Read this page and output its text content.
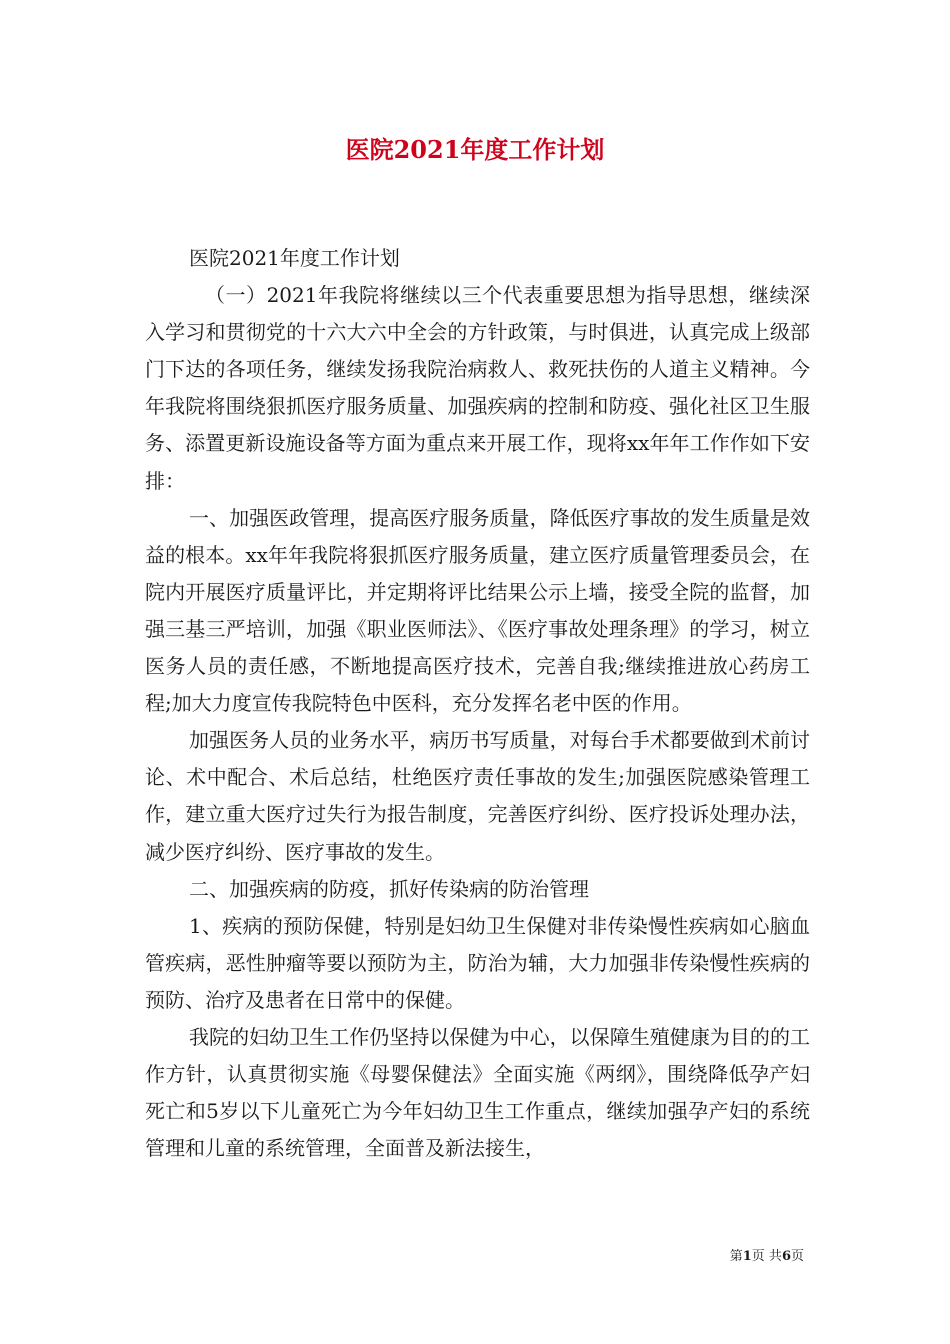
医院2021年度工作计划

医院2021年度工作计划

（一）2021年我院将继续以三个代表重要思想为指导思想，继续深入学习和贯彻党的十六大六中全会的方针政策，与时俱进，认真完成上级部门下达的各项任务，继续发扬我院治病救人、救死扶伤的人道主义精神。今年我院将围绕狠抓医疗服务质量、加强疾病的控制和防疫、强化社区卫生服务、添置更新设施设备等方面为重点来开展工作，现将xx年年工作作如下安排：

一、加强医政管理，提高医疗服务质量，降低医疗事故的发生质量是效益的根本。xx年年我院将狠抓医疗服务质量，建立医疗质量管理委员会，在院内开展医疗质量评比，并定期将评比结果公示上墙，接受全院的监督，加强三基三严培训，加强《职业医师法》、《医疗事故处理条理》的学习，树立医务人员的责任感，不断地提高医疗技术，完善自我;继续推进放心药房工程;加大力度宣传我院特色中医科，充分发挥名老中医的作用。

加强医务人员的业务水平，病历书写质量，对每台手术都要做到术前讨论、术中配合、术后总结，杜绝医疗责任事故的发生;加强医院感染管理工作，建立重大医疗过失行为报告制度，完善医疗纠纷、医疗投诉处理办法，减少医疗纠纷、医疗事故的发生。

二、加强疾病的防疫，抓好传染病的防治管理

1、疾病的预防保健，特别是妇幼卫生保健对非传染慢性疾病如心脑血管疾病，恶性肿瘤等要以预防为主，防治为辅，大力加强非传染慢性疾病的预防、治疗及患者在日常中的保健。

我院的妇幼卫生工作仍坚持以保健为中心，以保障生殖健康为目的的工作方针，认真贯彻实施《母婴保健法》全面实施《两纲》，围绕降低孕产妇死亡和5岁以下儿童死亡为今年妇幼卫生工作重点，继续加强孕产妇的系统管理和儿童的系统管理，全面普及新法接生，

第1页 共6页
